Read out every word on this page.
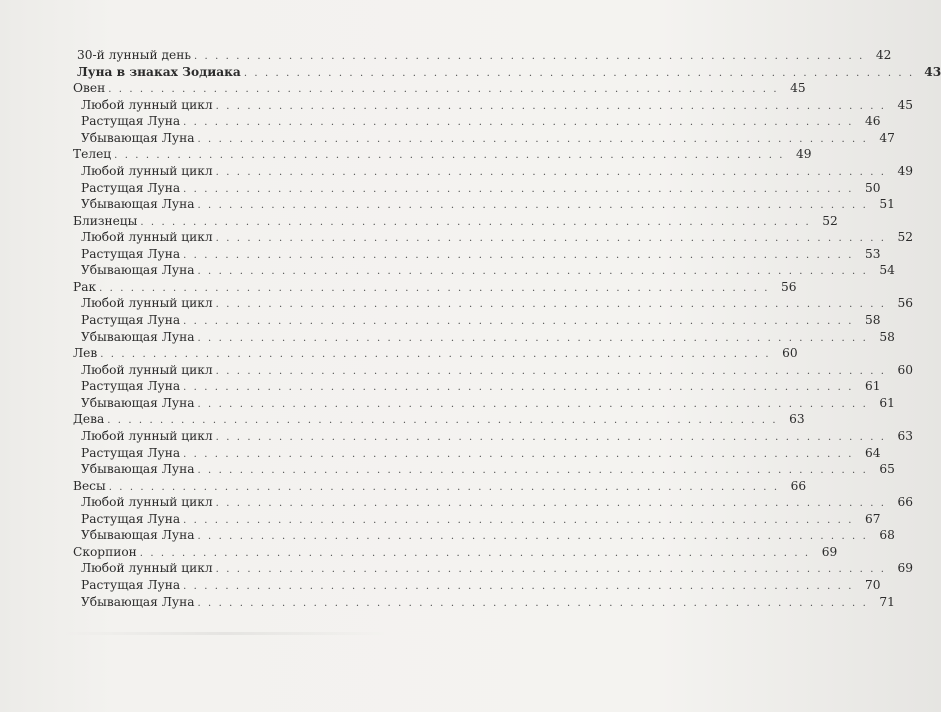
30-й лунный день . . . . . . . . . . . . . . . . . . . . . . . . . . . . . . . . . . . . . . . . . . . . . . . . . . . . . . . . . . . . . . . . 42
Луна в знаках Зодиака . . . . . . . . . . . . . . . . . . . . . . . . . . . . . . . . . . . . . . . . . . . . . . . . . . . . . . . . . . . . . . . . 43
Овен . . . . . . . . . . . . . . . . . . . . . . . . . . . . . . . . . . . . . . . . . . . . . . . . . . . . . . . . . . . . . . . . 45
Любой лунный цикл . . . . . . . . . . . . . . . . . . . . . . . . . . . . . . . . . . . . . . . . . . . . . . . . . . . . . . . . . . . . . . . . 45
Растущая Луна . . . . . . . . . . . . . . . . . . . . . . . . . . . . . . . . . . . . . . . . . . . . . . . . . . . . . . . . . . . . . . . . 46
Убывающая Луна . . . . . . . . . . . . . . . . . . . . . . . . . . . . . . . . . . . . . . . . . . . . . . . . . . . . . . . . . . . . . . . . 47
Телец . . . . . . . . . . . . . . . . . . . . . . . . . . . . . . . . . . . . . . . . . . . . . . . . . . . . . . . . . . . . . . . . 49
Любой лунный цикл . . . . . . . . . . . . . . . . . . . . . . . . . . . . . . . . . . . . . . . . . . . . . . . . . . . . . . . . . . . . . . . . 49
Растущая Луна . . . . . . . . . . . . . . . . . . . . . . . . . . . . . . . . . . . . . . . . . . . . . . . . . . . . . . . . . . . . . . . . 50
Убывающая Луна . . . . . . . . . . . . . . . . . . . . . . . . . . . . . . . . . . . . . . . . . . . . . . . . . . . . . . . . . . . . . . . . 51
Близнецы . . . . . . . . . . . . . . . . . . . . . . . . . . . . . . . . . . . . . . . . . . . . . . . . . . . . . . . . . . . . . . . . 52
Любой лунный цикл . . . . . . . . . . . . . . . . . . . . . . . . . . . . . . . . . . . . . . . . . . . . . . . . . . . . . . . . . . . . . . . . 52
Растущая Луна . . . . . . . . . . . . . . . . . . . . . . . . . . . . . . . . . . . . . . . . . . . . . . . . . . . . . . . . . . . . . . . . 53
Убывающая Луна . . . . . . . . . . . . . . . . . . . . . . . . . . . . . . . . . . . . . . . . . . . . . . . . . . . . . . . . . . . . . . . . 54
Рак . . . . . . . . . . . . . . . . . . . . . . . . . . . . . . . . . . . . . . . . . . . . . . . . . . . . . . . . . . . . . . . . 56
Любой лунный цикл . . . . . . . . . . . . . . . . . . . . . . . . . . . . . . . . . . . . . . . . . . . . . . . . . . . . . . . . . . . . . . . . 56
Растущая Луна . . . . . . . . . . . . . . . . . . . . . . . . . . . . . . . . . . . . . . . . . . . . . . . . . . . . . . . . . . . . . . . . 58
Убывающая Луна . . . . . . . . . . . . . . . . . . . . . . . . . . . . . . . . . . . . . . . . . . . . . . . . . . . . . . . . . . . . . . . . 58
Лев . . . . . . . . . . . . . . . . . . . . . . . . . . . . . . . . . . . . . . . . . . . . . . . . . . . . . . . . . . . . . . . . 60
Любой лунный цикл . . . . . . . . . . . . . . . . . . . . . . . . . . . . . . . . . . . . . . . . . . . . . . . . . . . . . . . . . . . . . . . . 60
Растущая Луна . . . . . . . . . . . . . . . . . . . . . . . . . . . . . . . . . . . . . . . . . . . . . . . . . . . . . . . . . . . . . . . . 61
Убывающая Луна . . . . . . . . . . . . . . . . . . . . . . . . . . . . . . . . . . . . . . . . . . . . . . . . . . . . . . . . . . . . . . . . 61
Дева . . . . . . . . . . . . . . . . . . . . . . . . . . . . . . . . . . . . . . . . . . . . . . . . . . . . . . . . . . . . . . . . 63
Любой лунный цикл . . . . . . . . . . . . . . . . . . . . . . . . . . . . . . . . . . . . . . . . . . . . . . . . . . . . . . . . . . . . . . . . 63
Растущая Луна . . . . . . . . . . . . . . . . . . . . . . . . . . . . . . . . . . . . . . . . . . . . . . . . . . . . . . . . . . . . . . . . 64
Убывающая Луна . . . . . . . . . . . . . . . . . . . . . . . . . . . . . . . . . . . . . . . . . . . . . . . . . . . . . . . . . . . . . . . . 65
Весы . . . . . . . . . . . . . . . . . . . . . . . . . . . . . . . . . . . . . . . . . . . . . . . . . . . . . . . . . . . . . . . . 66
Любой лунный цикл . . . . . . . . . . . . . . . . . . . . . . . . . . . . . . . . . . . . . . . . . . . . . . . . . . . . . . . . . . . . . . . . 66
Растущая Луна . . . . . . . . . . . . . . . . . . . . . . . . . . . . . . . . . . . . . . . . . . . . . . . . . . . . . . . . . . . . . . . . 67
Убывающая Луна . . . . . . . . . . . . . . . . . . . . . . . . . . . . . . . . . . . . . . . . . . . . . . . . . . . . . . . . . . . . . . . . 68
Скорпион . . . . . . . . . . . . . . . . . . . . . . . . . . . . . . . . . . . . . . . . . . . . . . . . . . . . . . . . . . . . . . . . 69
Любой лунный цикл . . . . . . . . . . . . . . . . . . . . . . . . . . . . . . . . . . . . . . . . . . . . . . . . . . . . . . . . . . . . . . . . 69
Растущая Луна . . . . . . . . . . . . . . . . . . . . . . . . . . . . . . . . . . . . . . . . . . . . . . . . . . . . . . . . . . . . . . . . 70
Убывающая Луна . . . . . . . . . . . . . . . . . . . . . . . . . . . . . . . . . . . . . . . . . . . . . . . . . . . . . . . . . . . . . . . . 71
